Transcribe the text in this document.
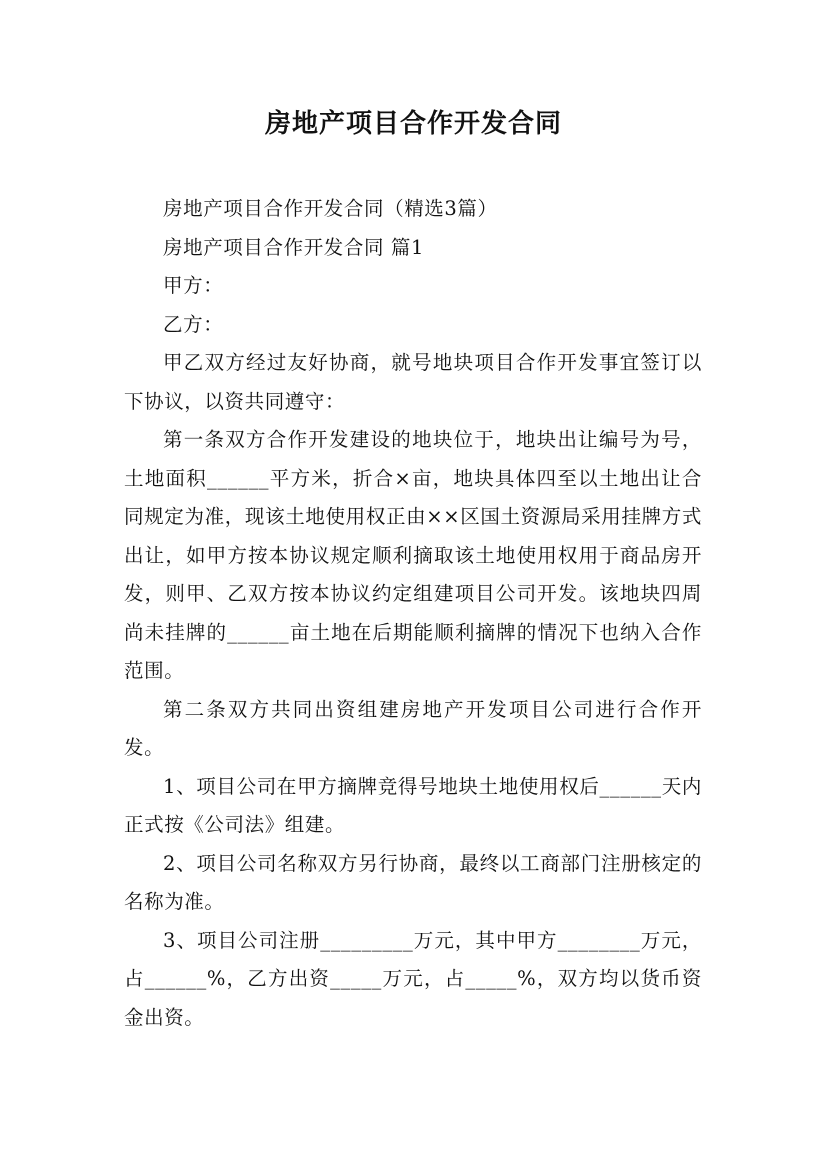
房地产项目合作开发合同

房地产项目合作开发合同（精选3篇）

房地产项目合作开发合同 篇1

甲方：

乙方：

甲乙双方经过友好协商，就号地块项目合作开发事宜签订以下协议，以资共同遵守：

第一条双方合作开发建设的地块位于，地块出让编号为号，土地面积______平方米，折合×亩，地块具体四至以土地出让合同规定为准，现该土地使用权正由××区国土资源局采用挂牌方式出让，如甲方按本协议规定顺利摘取该土地使用权用于商品房开发，则甲、乙双方按本协议约定组建项目公司开发。该地块四周尚未挂牌的______亩土地在后期能顺利摘牌的情况下也纳入合作范围。

第二条双方共同出资组建房地产开发项目公司进行合作开发。

1、项目公司在甲方摘牌竞得号地块土地使用权后______天内正式按《公司法》组建。

2、项目公司名称双方另行协商，最终以工商部门注册核定的名称为准。

3、项目公司注册_________万元，其中甲方________万元，占______%，乙方出资_____万元，占_____%，双方均以货币资金出资。
